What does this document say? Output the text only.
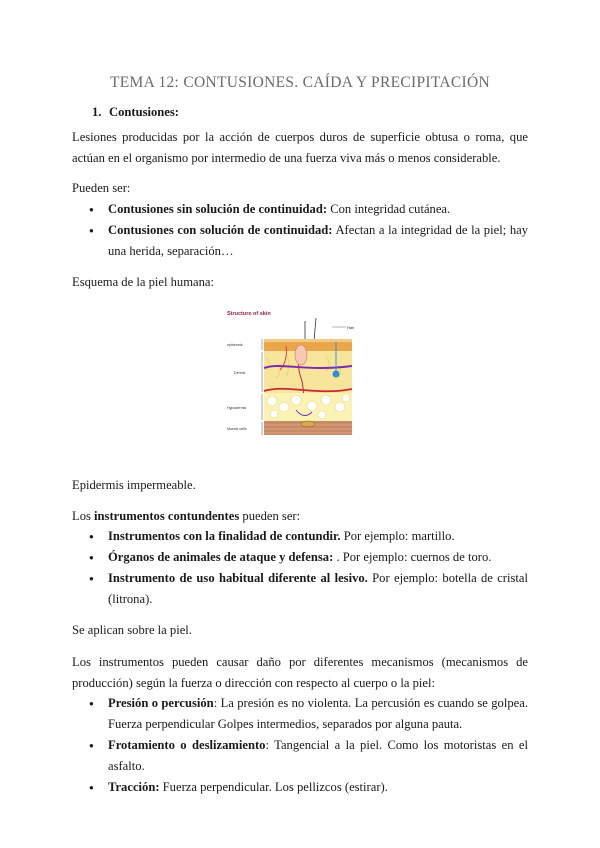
TEMA 12: CONTUSIONES. CAÍDA Y PRECIPITACIÓN
1. Contusiones:

Lesiones producidas por la acción de cuerpos duros de superficie obtusa o roma, que actúan en el organismo por intermedio de una fuerza viva más o menos considerable.

Pueden ser:

● Contusiones sin solución de continuidad: Con integridad cutánea.
● Contusiones con solución de continuidad: Afectan a la integridad de la piel; hay una herida, separación…

Esquema de la piel humana:

Structure of skin
Hair
epidermis
Dermis
Hypodermis
Muscle cells

Epidermis impermeable.

Los instrumentos contundentes pueden ser:

● Instrumentos con la finalidad de contundir. Por ejemplo: martillo.
● Órganos de animales de ataque y defensa: . Por ejemplo: cuernos de toro.
● Instrumento de uso habitual diferente al lesivo. Por ejemplo: botella de cristal (litrona).

Se aplican sobre la piel.

Los instrumentos pueden causar daño por diferentes mecanismos (mecanismos de producción) según la fuerza o dirección con respecto al cuerpo o la piel:

● Presión o percusión: La presión es no violenta. La percusión es cuando se golpea. Fuerza perpendicular Golpes intermedios, separados por alguna pauta.
● Frotamiento o deslizamiento: Tangencial a la piel. Como los motoristas en el asfalto.
● Tracción: Fuerza perpendicular. Los pellizcos (estirar).
